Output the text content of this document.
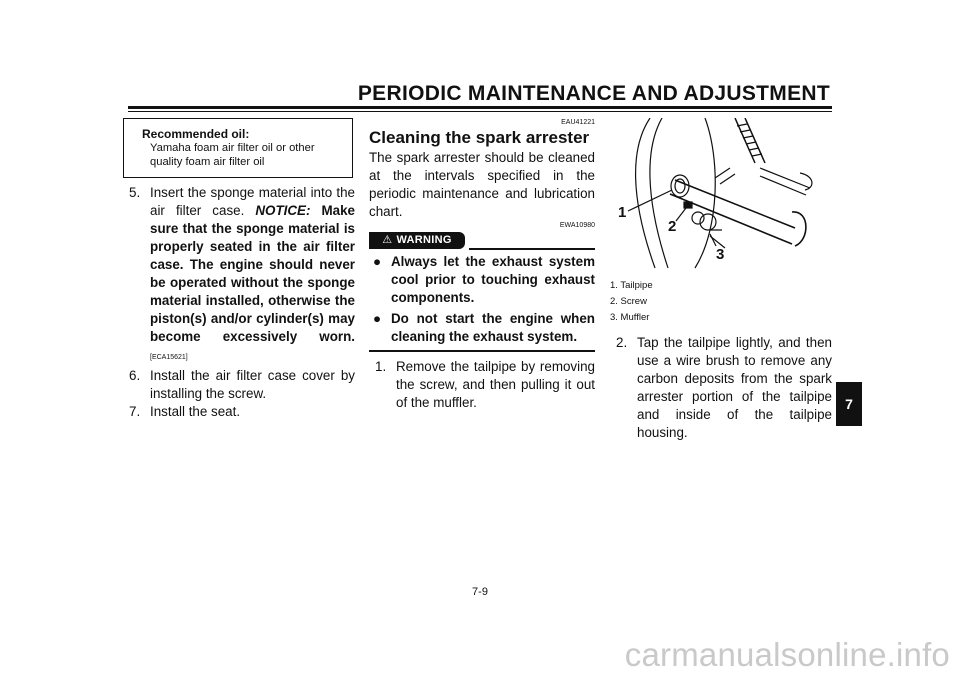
PERIODIC MAINTENANCE AND ADJUSTMENT
Recommended oil:
Yamaha foam air filter oil or other
quality foam air filter oil
5. Insert the sponge material into the air filter case. NOTICE: Make sure that the sponge material is properly seated in the air filter case. The engine should never be operated without the sponge material installed, otherwise the piston(s) and/or cylinder(s) may become excessively worn.[ECA15621]
6. Install the air filter case cover by installing the screw.
7. Install the seat.
EAU41221
Cleaning the spark arrester
The spark arrester should be cleaned at the intervals specified in the periodic maintenance and lubrication chart.
EWA10980
⚠ WARNING
● Always let the exhaust system cool prior to touching exhaust components.
● Do not start the engine when cleaning the exhaust system.
1. Remove the tailpipe by removing the screw, and then pulling it out of the muffler.
1
2
3
1. Tailpipe
2. Screw
3. Muffler
2. Tap the tailpipe lightly, and then use a wire brush to remove any carbon deposits from the spark arrester portion of the tailpipe and inside of the tailpipe housing.
7
7-9
carmanualsonline.info
